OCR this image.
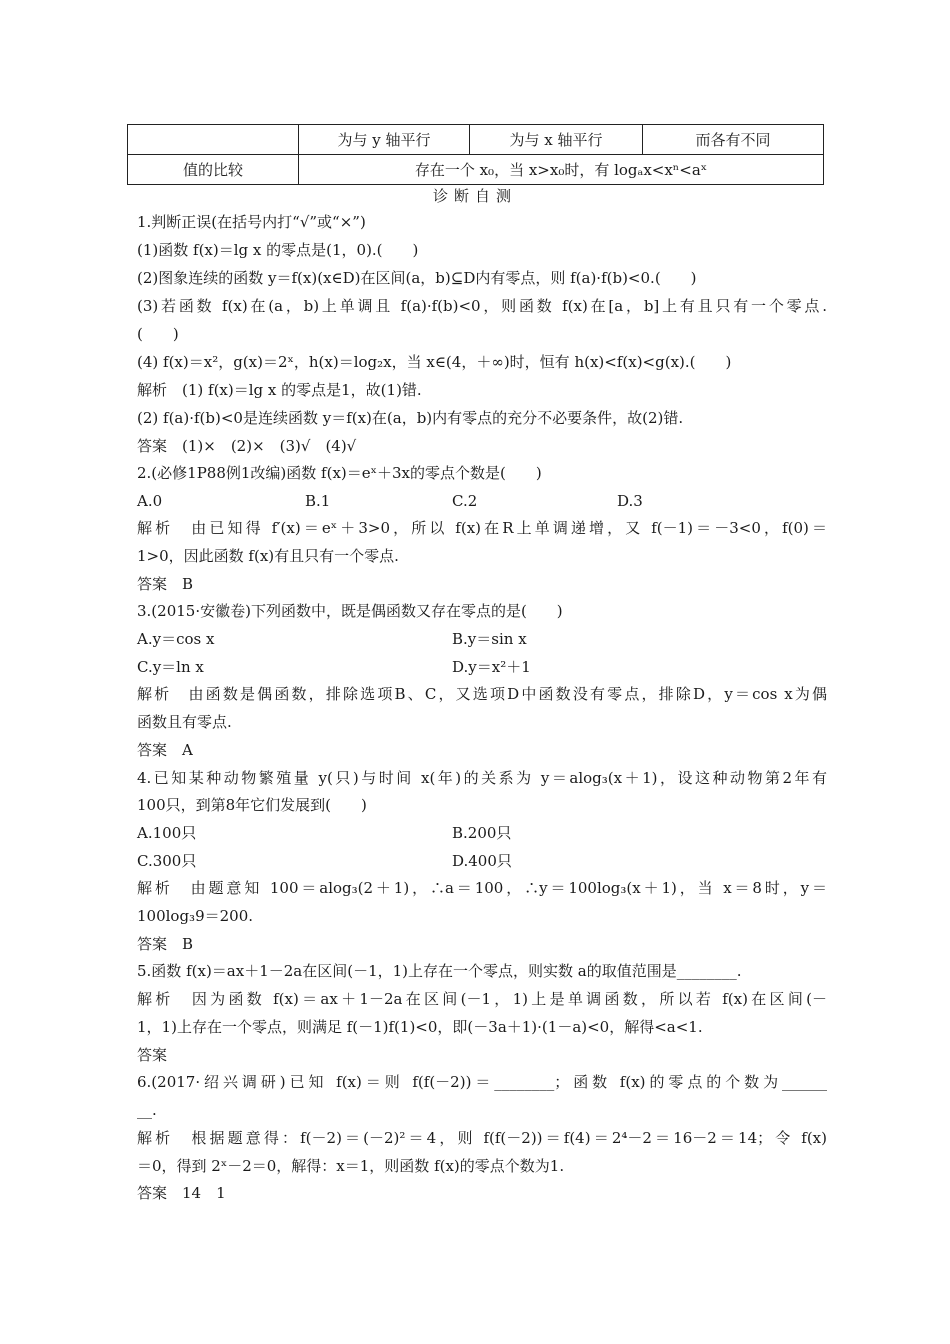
	为与 y 轴平行	为与 x 轴平行	而各有不同
值的比较	存在一个 x₀，当 x>x₀时，有 logₐx<xⁿ<aˣ		
诊断自测
1.判断正误(在括号内打“√”或“×”)
(1)函数 f(x)＝lg x 的零点是(1，0).(　　)
(2)图象连续的函数 y＝f(x)(x∈D)在区间(a，b)⊆D内有零点，则 f(a)·f(b)<0.(　　)
(3)若函数 f(x)在(a，b)上单调且 f(a)·f(b)<0，则函数 f(x)在[a，b]上有且只有一个零点.
(　　)
(4) f(x)＝x²，g(x)＝2ˣ，h(x)＝log₂x，当 x∈(4，＋∞)时，恒有 h(x)<f(x)<g(x).(　　)
解析　(1) f(x)＝lg x 的零点是1，故(1)错.
(2) f(a)·f(b)<0是连续函数 y＝f(x)在(a，b)内有零点的充分不必要条件，故(2)错.
答案　(1)×　(2)×　(3)√　(4)√
2.(必修1P88例1改编)函数 f(x)＝eˣ＋3x的零点个数是(　　)
A.0	B.1	C.2	D.3
解析　由已知得 f′(x)＝eˣ＋3>0，所以 f(x)在R上单调递增，又 f(－1)＝－3<0，f(0)＝
1>0，因此函数 f(x)有且只有一个零点.
答案　B
3.(2015·安徽卷)下列函数中，既是偶函数又存在零点的是(　　)
A.y＝cos x	B.y＝sin x
C.y＝ln x	D.y＝x²＋1
解析　由函数是偶函数，排除选项B、C，又选项D中函数没有零点，排除D，y＝cos x为偶
函数且有零点.
答案　A
4.已知某种动物繁殖量 y(只)与时间 x(年)的关系为 y＝alog₃(x＋1)，设这种动物第2年有
100只，到第8年它们发展到(　　)
A.100只	B.200只
C.300只	D.400只
解析　由题意知 100＝alog₃(2＋1)，∴a＝100，∴y＝100log₃(x＋1)，当 x＝8时，y＝
100log₃9＝200.
答案　B
5.函数 f(x)＝ax＋1－2a在区间(－1，1)上存在一个零点，则实数 a的取值范围是________.
解析　因为函数 f(x)＝ax＋1－2a在区间(－1，1)上是单调函数，所以若 f(x)在区间(－
1，1)上存在一个零点，则满足 f(－1)f(1)<0，即(－3a＋1)·(1－a)<0，解得<a<1.
答案
6.(2017·绍兴调研)已知 f(x)＝则 f(f(－2))＝________；函数 f(x)的零点的个数为______
__.
解析　根据题意得：f(－2)＝(－2)²＝4，则 f(f(－2))＝f(4)＝2⁴－2＝16－2＝14；令 f(x)
＝0，得到 2ˣ－2＝0，解得：x＝1，则函数 f(x)的零点个数为1.
答案　14　1
